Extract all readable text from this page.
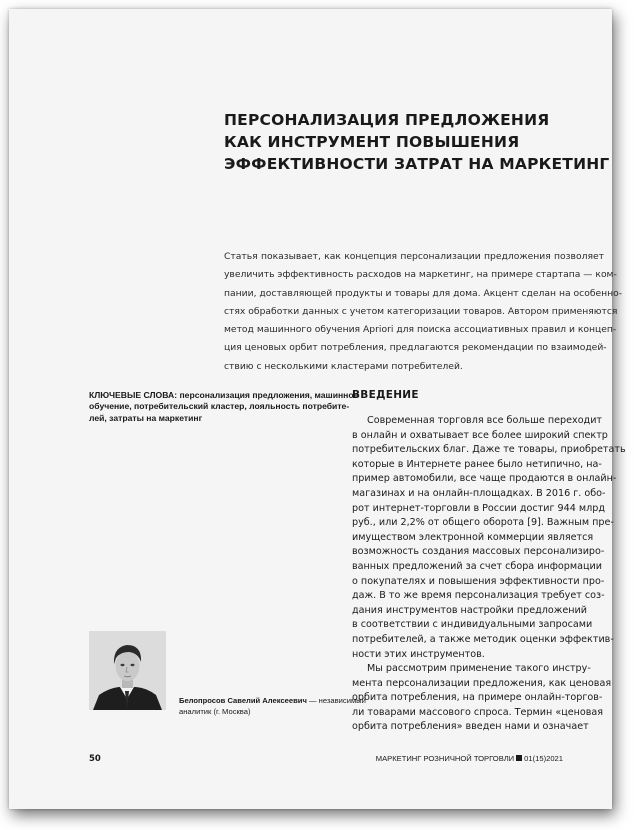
ПЕРСОНАЛИЗАЦИЯ ПРЕДЛОЖЕНИЯ
КАК ИНСТРУМЕНТ ПОВЫШЕНИЯ
ЭФФЕКТИВНОСТИ ЗАТРАТ НА МАРКЕТИНГ
Статья показывает, как концепция персонализации предложения позволяет
увеличить эффективность расходов на маркетинг, на примере стартапа — ком-
пании, доставляющей продукты и товары для дома. Акцент сделан на особенно-
стях обработки данных с учетом категоризации товаров. Автором применяются
метод машинного обучения Apriori для поиска ассоциативных правил и концеп-
ция ценовых орбит потребления, предлагаются рекомендации по взаимодей-
ствию с несколькими кластерами потребителей.
КЛЮЧЕВЫЕ СЛОВА: персонализация предложения, машинное
обучение, потребительский кластер, лояльность потребите-
лей, затраты на маркетинг
ВВЕДЕНИЕ
Современная торговля все больше переходит
в онлайн и охватывает все более широкий спектр
потребительских благ. Даже те товары, приобретать
которые в Интернете ранее было нетипично, на-
пример автомобили, все чаще продаются в онлайн-
магазинах и на онлайн-площадках. В 2016 г. обо-
рот интернет-торговли в России достиг 944 млрд
руб., или 2,2% от общего оборота [9]. Важным пре-
имуществом электронной коммерции является
возможность создания массовых персонализиро-
ванных предложений за счет сбора информации
о покупателях и повышения эффективности про-
даж. В то же время персонализация требует соз-
дания инструментов настройки предложений
в соответствии с индивидуальными запросами
потребителей, а также методик оценки эффектив-
ности этих инструментов.
Мы рассмотрим применение такого инстру-
мента персонализации предложения, как ценовая
орбита потребления, на примере онлайн-торгов-
ли товарами массового спроса. Термин «ценовая
орбита потребления» введен нами и означает
Белопросов Савелий Алексеевич — независимый
аналитик (г. Москва)
50	МАРКЕТИНГ РОЗНИЧНОЙ ТОРГОВЛИ 01(15)2021
